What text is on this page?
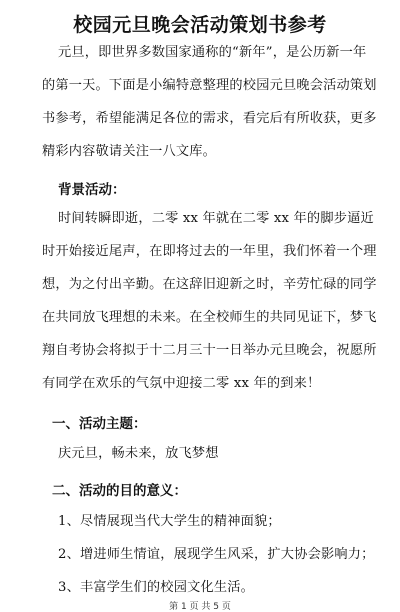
校园元旦晚会活动策划书参考
元旦，即世界多数国家通称的“新年”，是公历新一年
的第一天。下面是小编特意整理的校园元旦晚会活动策划
书参考，希望能满足各位的需求，看完后有所收获，更多
精彩内容敬请关注一八文库。
背景活动：
时间转瞬即逝，二零 xx 年就在二零 xx 年的脚步逼近
时开始接近尾声，在即将过去的一年里，我们怀着一个理
想，为之付出辛勤。在这辞旧迎新之时，辛劳忙碌的同学
在共同放飞理想的未来。在全校师生的共同见证下，梦飞
翔自考协会将拟于十二月三十一日举办元旦晚会，祝愿所
有同学在欢乐的气氛中迎接二零 xx 年的到来！
一、活动主题：
庆元旦，畅未来，放飞梦想
二、活动的目的意义：
1、尽情展现当代大学生的精神面貌；
2、增进师生情谊，展现学生风采，扩大协会影响力；
3、丰富学生们的校园文化生活。
第 1 页 共 5 页
